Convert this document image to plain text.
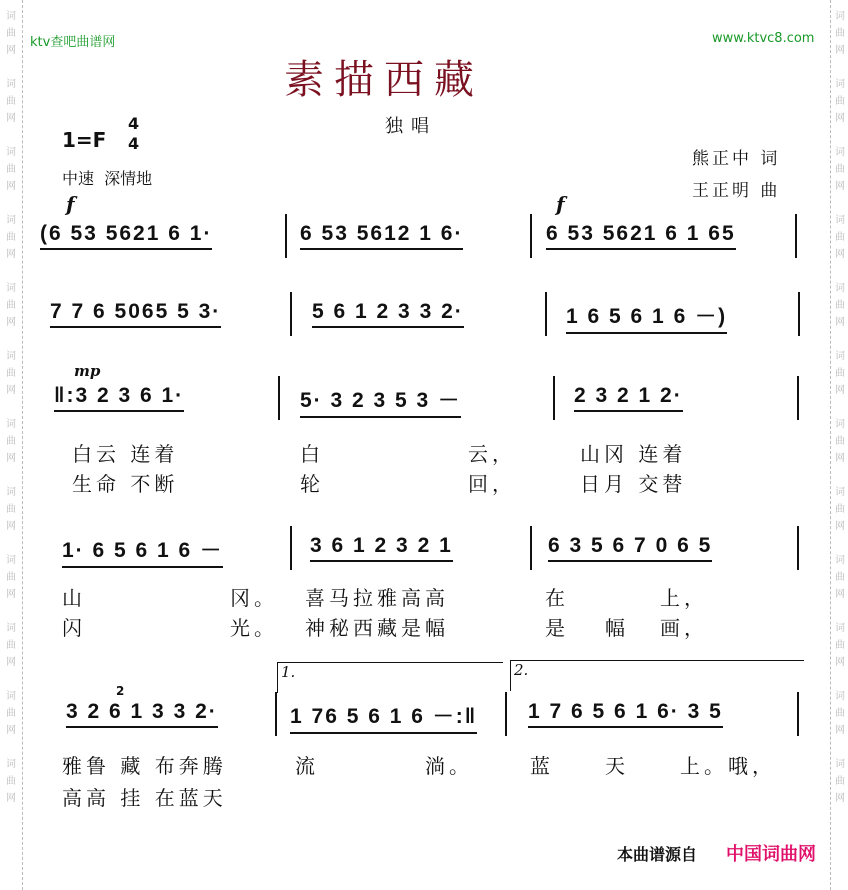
词
曲
网

词
曲
网

词
曲
网

词
曲
网

词
曲
网

词
曲
网

词
曲
网

词
曲
网

词
曲
网

词
曲
网

词
曲
网

词
曲
网

词
曲
网

词
曲
网

词
曲
网

词
曲
网

词
曲
网

词
曲
网

词
曲
网

词
曲
网

词
曲
网

词
曲
网

词
曲
网

词
曲
网

ktv查吧曲谱网	www.ktvc8.com
素描西藏
独唱
1=F
4
4
中速  深情地
熊正中 词
王正明 曲
f	f
mp
(6 53 5621 6 1·	6 53 5612 1 6·	6 53 5621 6 1 65
7 7 6 5065 5 3·	5 6 1 2 3 3 2·	1 6 5 6 1 6 －)
‖:3 2 3 6 1·	5· 3 2 3 5 3 －	2 3 2 1 2·
白云 连着	白	云，	山冈 连着
生命 不断	轮	回，	日月 交替
1· 6 5 6 1 6 －	3 6 1 2 3 2 1	6 3 5 6 7 0 6 5
山	冈。 喜马拉雅高高	在	上，
闪	光。 神秘西藏是幅	是 幅 画，
3 2 6 1 3 3 2·	1 76 5 6 1 6 －:‖ 1 7 6 5 6 1 6· 3 5
雅鲁 藏 布奔腾	流	淌。	蓝	天	上。哦，
高高 挂 在蓝天
2
1.	2.
本曲谱源自 中国词曲网
